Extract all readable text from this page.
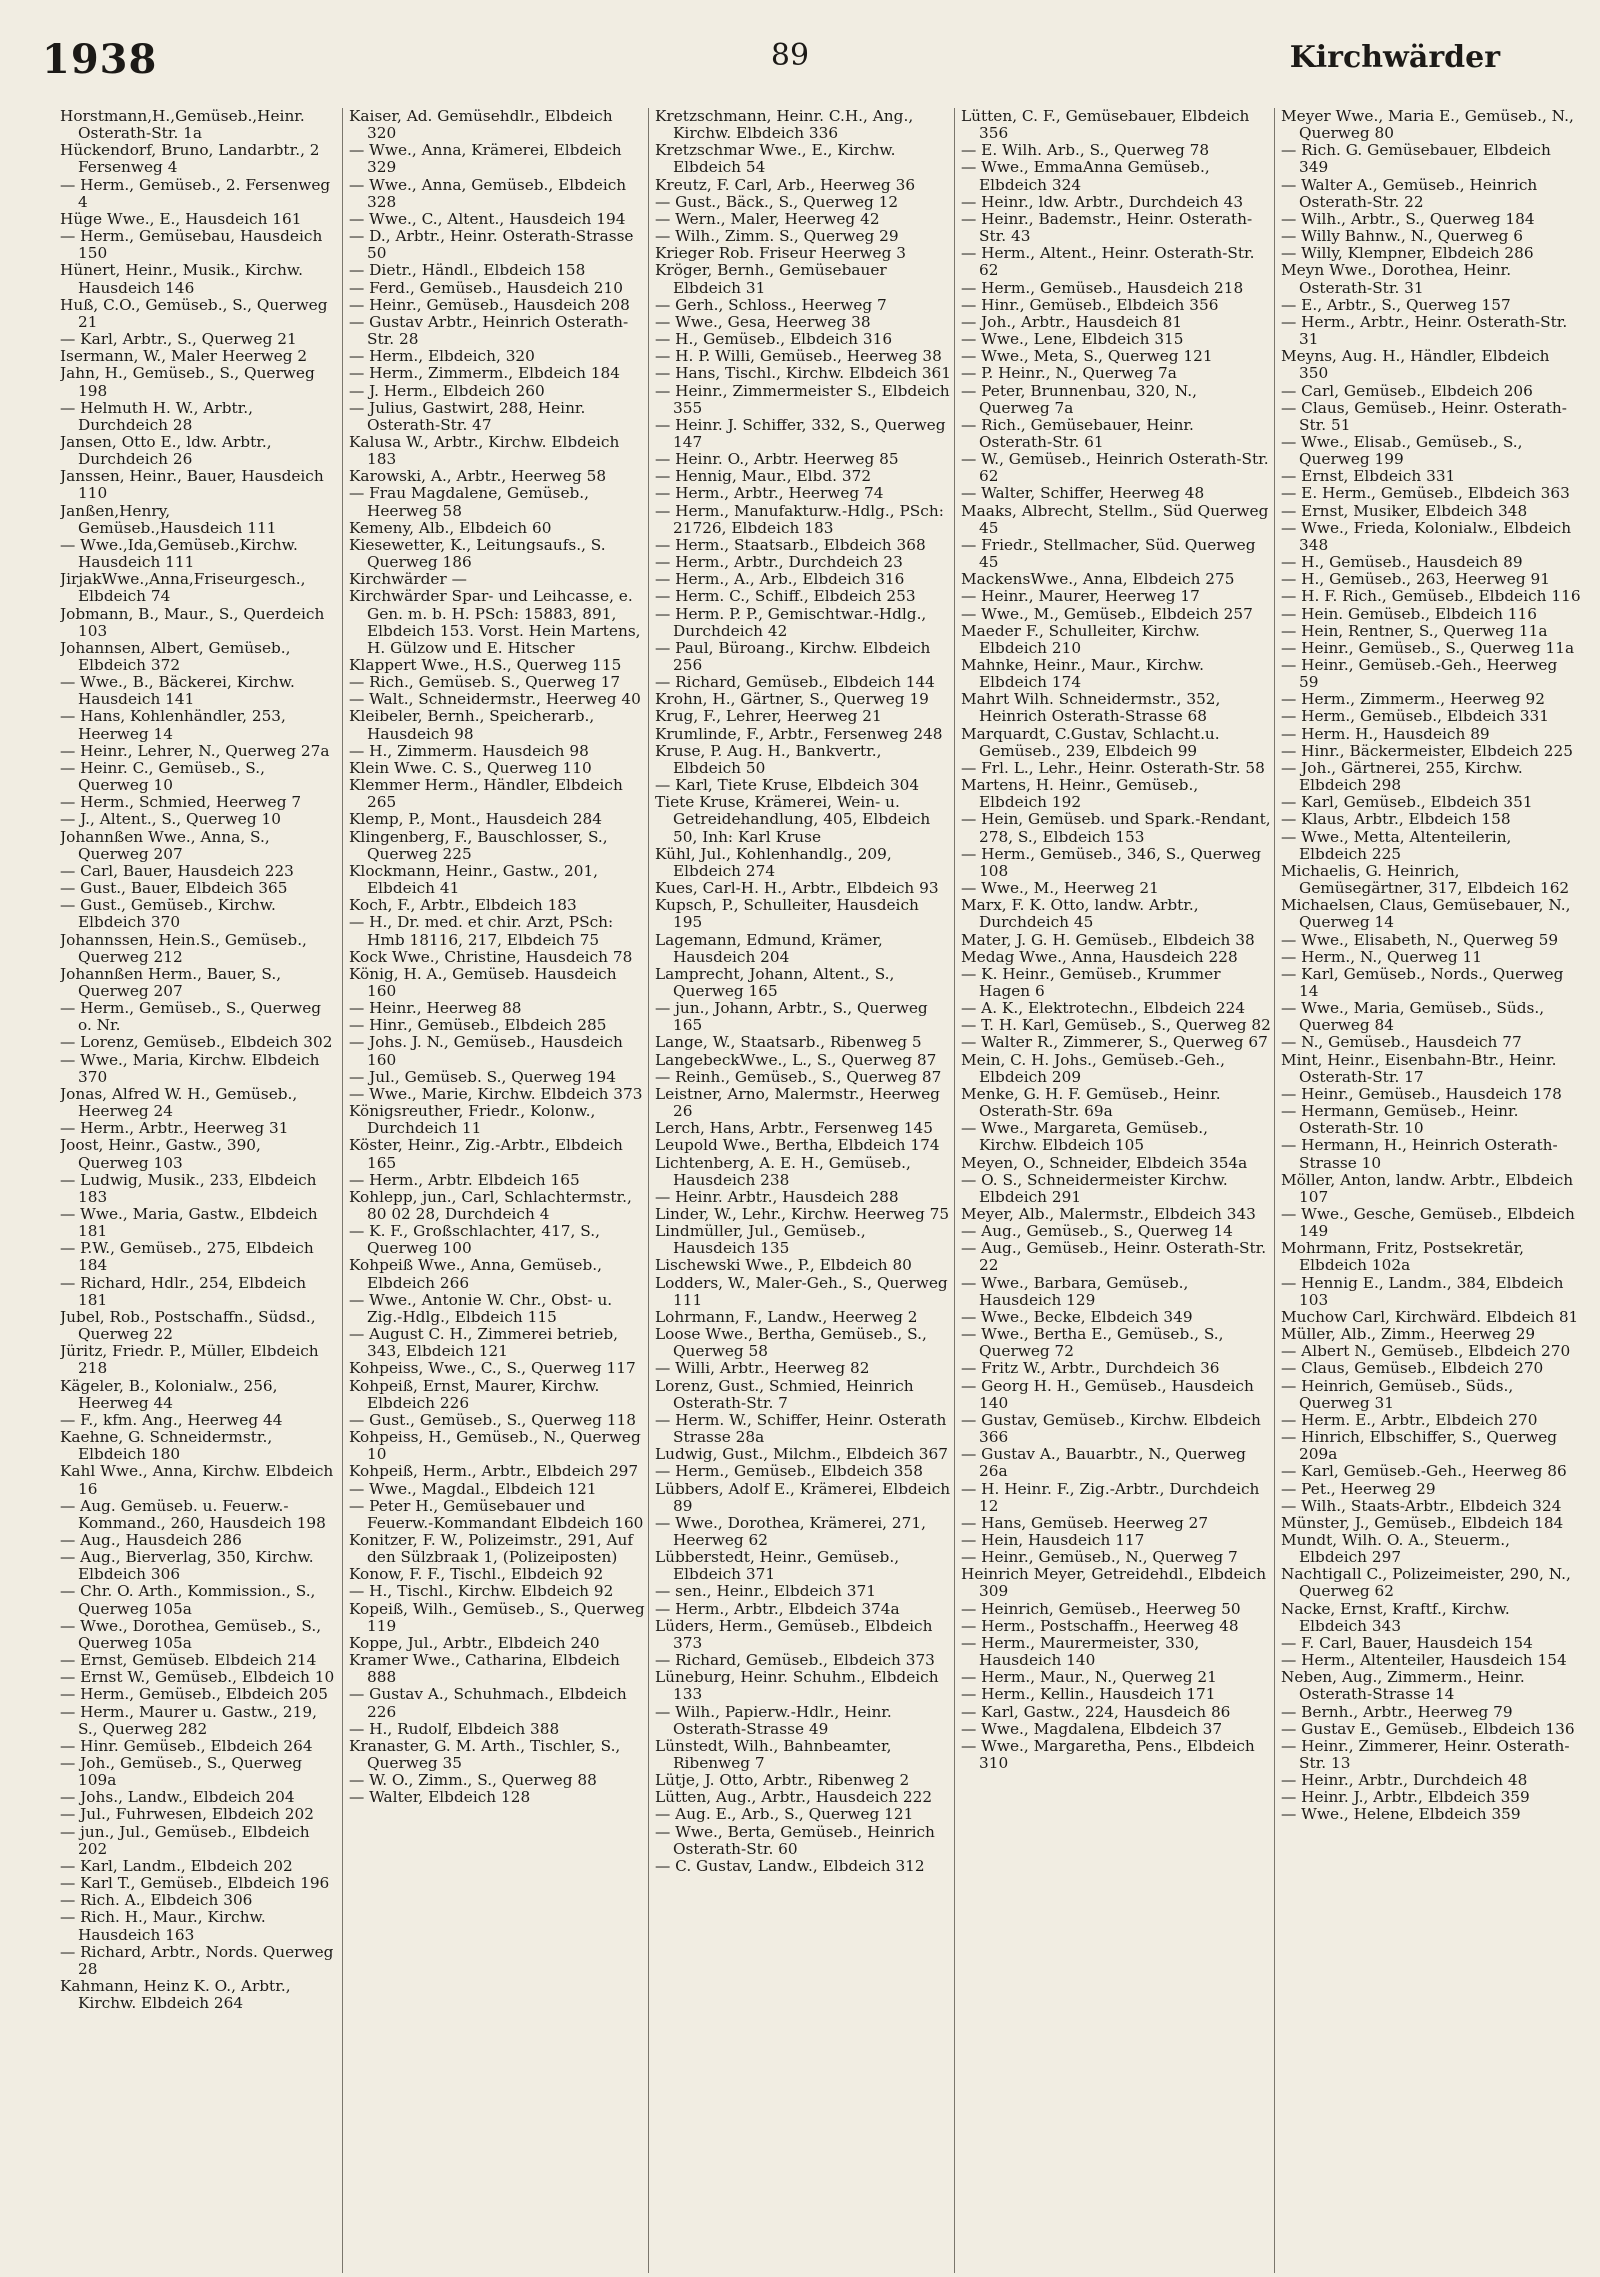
1938	89	Kirchwärder

Horstmann,H.,Gemüseb.,Heinr. Osterath-Str. 1a

Hückendorf, Bruno, Landarbtr., 2 Fersenweg 4

— Herm., Gemüseb., 2. Fersenweg 4

Hüge Wwe., E., Hausdeich 161

— Herm., Gemüsebau, Hausdeich 150

Hünert, Heinr., Musik., Kirchw. Hausdeich 146

Huß, C.O., Gemüseb., S., Querweg 21

— Karl, Arbtr., S., Querweg 21

Isermann, W., Maler Heerweg 2

Jahn, H., Gemüseb., S., Querweg 198

— Helmuth H. W., Arbtr., Durchdeich 28

Jansen, Otto E., ldw. Arbtr., Durchdeich 26

Janssen, Heinr., Bauer, Hausdeich 110

Janßen,Henry, Gemüseb.,Hausdeich 111

— Wwe.,Ida,Gemüseb.,Kirchw. Hausdeich 111

JirjakWwe.,Anna,Friseurgesch., Elbdeich 74

Jobmann, B., Maur., S., Querdeich 103

Johannsen, Albert, Gemüseb., Elbdeich 372

— Wwe., B., Bäckerei, Kirchw. Hausdeich 141

— Hans, Kohlenhändler, 253, Heerweg 14

— Heinr., Lehrer, N., Querweg 27a

— Heinr. C., Gemüseb., S., Querweg 10

— Herm., Schmied, Heerweg 7

— J., Altent., S., Querweg 10

Johannßen Wwe., Anna, S., Querweg 207

— Carl, Bauer, Hausdeich 223

— Gust., Bauer, Elbdeich 365

— Gust., Gemüseb., Kirchw. Elbdeich 370

Johannssen, Hein.S., Gemüseb., Querweg 212

Johannßen Herm., Bauer, S., Querweg 207

— Herm., Gemüseb., S., Querweg o. Nr.

— Lorenz, Gemüseb., Elbdeich 302

— Wwe., Maria, Kirchw. Elbdeich 370

Jonas, Alfred W. H., Gemüseb., Heerweg 24

— Herm., Arbtr., Heerweg 31

Joost, Heinr., Gastw., 390, Querweg 103

— Ludwig, Musik., 233, Elbdeich 183

— Wwe., Maria, Gastw., Elbdeich 181

— P.W., Gemüseb., 275, Elbdeich 184

— Richard, Hdlr., 254, Elbdeich 181

Jubel, Rob., Postschaffn., Südsd., Querweg 22

Jüritz, Friedr. P., Müller, Elbdeich 218

Kägeler, B., Kolonialw., 256, Heerweg 44

— F., kfm. Ang., Heerweg 44

Kaehne, G. Schneidermstr., Elbdeich 180

Kahl Wwe., Anna, Kirchw. Elbdeich 16

— Aug. Gemüseb. u. Feuerw.-Kommand., 260, Hausdeich 198

— Aug., Hausdeich 286

— Aug., Bierverlag, 350, Kirchw. Elbdeich 306

— Chr. O. Arth., Kommission., S., Querweg 105a

— Wwe., Dorothea, Gemüseb., S., Querweg 105a

— Ernst, Gemüseb. Elbdeich 214

— Ernst W., Gemüseb., Elbdeich 10

— Herm., Gemüseb., Elbdeich 205

— Herm., Maurer u. Gastw., 219, S., Querweg 282

— Hinr. Gemüseb., Elbdeich 264

— Joh., Gemüseb., S., Querweg 109a

— Johs., Landw., Elbdeich 204

— Jul., Fuhrwesen, Elbdeich 202

— jun., Jul., Gemüseb., Elbdeich 202

— Karl, Landm., Elbdeich 202

— Karl T., Gemüseb., Elbdeich 196

— Rich. A., Elbdeich 306

— Rich. H., Maur., Kirchw. Hausdeich 163

— Richard, Arbtr., Nords. Querweg 28

Kahmann, Heinz K. O., Arbtr., Kirchw. Elbdeich 264

Kaiser, Ad. Gemüsehdlr., Elbdeich 320

— Wwe., Anna, Krämerei, Elbdeich 329

— Wwe., Anna, Gemüseb., Elbdeich 328

— Wwe., C., Altent., Hausdeich 194

— D., Arbtr., Heinr. Osterath-Strasse 50

— Dietr., Händl., Elbdeich 158

— Ferd., Gemüseb., Hausdeich 210

— Heinr., Gemüseb., Hausdeich 208

— Gustav Arbtr., Heinrich Osterath-Str. 28

— Herm., Elbdeich, 320

— Herm., Zimmerm., Elbdeich 184

— J. Herm., Elbdeich 260

— Julius, Gastwirt, 288, Heinr. Osterath-Str. 47

Kalusa W., Arbtr., Kirchw. Elbdeich 183

Karowski, A., Arbtr., Heerweg 58

— Frau Magdalene, Gemüseb., Heerweg 58

Kemeny, Alb., Elbdeich 60

Kiesewetter, K., Leitungsaufs., S. Querweg 186

Kirchwärder —

Kirchwärder Spar- und Leihcasse, e. Gen. m. b. H. PSch: 15883, 891, Elbdeich 153. Vorst. Hein Martens, H. Gülzow und E. Hitscher

Klappert Wwe., H.S., Querweg 115

— Rich., Gemüseb. S., Querweg 17

— Walt., Schneidermstr., Heerweg 40

Kleibeler, Bernh., Speicherarb., Hausdeich 98

— H., Zimmerm. Hausdeich 98

Klein Wwe. C. S., Querweg 110

Klemmer Herm., Händler, Elbdeich 265

Klemp, P., Mont., Hausdeich 284

Klingenberg, F., Bauschlosser, S., Querweg 225

Klockmann, Heinr., Gastw., 201, Elbdeich 41

Koch, F., Arbtr., Elbdeich 183

— H., Dr. med. et chir. Arzt, PSch: Hmb 18116, 217, Elbdeich 75

Kock Wwe., Christine, Hausdeich 78

König, H. A., Gemüseb. Hausdeich 160

— Heinr., Heerweg 88

— Hinr., Gemüseb., Elbdeich 285

— Johs. J. N., Gemüseb., Hausdeich 160

— Jul., Gemüseb. S., Querweg 194

— Wwe., Marie, Kirchw. Elbdeich 373

Königsreuther, Friedr., Kolonw., Durchdeich 11

Köster, Heinr., Zig.-Arbtr., Elbdeich 165

— Herm., Arbtr. Elbdeich 165

Kohlepp, jun., Carl, Schlachtermstr., 80 02 28, Durchdeich 4

— K. F., Großschlachter, 417, S., Querweg 100

Kohpeiß Wwe., Anna, Gemüseb., Elbdeich 266

— Wwe., Antonie W. Chr., Obst- u. Zig.-Hdlg., Elbdeich 115

— August C. H., Zimmerei betrieb, 343, Elbdeich 121

Kohpeiss, Wwe., C., S., Querweg 117

Kohpeiß, Ernst, Maurer, Kirchw. Elbdeich 226

— Gust., Gemüseb., S., Querweg 118

Kohpeiss, H., Gemüseb., N., Querweg 10

Kohpeiß, Herm., Arbtr., Elbdeich 297

— Wwe., Magdal., Elbdeich 121

— Peter H., Gemüsebauer und Feuerw.-Kommandant Elbdeich 160

Konitzer, F. W., Polizeimstr., 291, Auf den Sülzbraak 1, (Polizeiposten)

Konow, F. F., Tischl., Elbdeich 92

— H., Tischl., Kirchw. Elbdeich 92

Kopeiß, Wilh., Gemüseb., S., Querweg 119

Koppe, Jul., Arbtr., Elbdeich 240

Kramer Wwe., Catharina, Elbdeich 888

— Gustav A., Schuhmach., Elbdeich 226

— H., Rudolf, Elbdeich 388

Kranaster, G. M. Arth., Tischler, S., Querweg 35

— W. O., Zimm., S., Querweg 88

— Walter, Elbdeich 128

Kretzschmann, Heinr. C.H., Ang., Kirchw. Elbdeich 336

Kretzschmar Wwe., E., Kirchw. Elbdeich 54

Kreutz, F. Carl, Arb., Heerweg 36

— Gust., Bäck., S., Querweg 12

— Wern., Maler, Heerweg 42

— Wilh., Zimm. S., Querweg 29

Krieger Rob. Friseur Heerweg 3

Kröger, Bernh., Gemüsebauer Elbdeich 31

— Gerh., Schloss., Heerweg 7

— Wwe., Gesa, Heerweg 38

— H., Gemüseb., Elbdeich 316

— H. P. Willi, Gemüseb., Heerweg 38

— Hans, Tischl., Kirchw. Elbdeich 361

— Heinr., Zimmermeister S., Elbdeich 355

— Heinr. J. Schiffer, 332, S., Querweg 147

— Heinr. O., Arbtr. Heerweg 85

— Hennig, Maur., Elbd. 372

— Herm., Arbtr., Heerweg 74

— Herm., Manufakturw.-Hdlg., PSch: 21726, Elbdeich 183

— Herm., Staatsarb., Elbdeich 368

— Herm., Arbtr., Durchdeich 23

— Herm., A., Arb., Elbdeich 316

— Herm. C., Schiff., Elbdeich 253

— Herm. P. P., Gemischtwar.-Hdlg., Durchdeich 42

— Paul, Büroang., Kirchw. Elbdeich 256

— Richard, Gemüseb., Elbdeich 144

Krohn, H., Gärtner, S., Querweg 19

Krug, F., Lehrer, Heerweg 21

Krumlinde, F., Arbtr., Fersenweg 248

Kruse, P. Aug. H., Bankvertr., Elbdeich 50

— Karl, Tiete Kruse, Elbdeich 304

Tiete Kruse, Krämerei, Wein- u. Getreidehandlung, 405, Elbdeich 50, Inh: Karl Kruse

Kühl, Jul., Kohlenhandlg., 209, Elbdeich 274

Kues, Carl-H. H., Arbtr., Elbdeich 93

Kupsch, P., Schulleiter, Hausdeich 195

Lagemann, Edmund, Krämer, Hausdeich 204

Lamprecht, Johann, Altent., S., Querweg 165

— jun., Johann, Arbtr., S., Querweg 165

Lange, W., Staatsarb., Ribenweg 5

LangebeckWwe., L., S., Querweg 87

— Reinh., Gemüseb., S., Querweg 87

Leistner, Arno, Malermstr., Heerweg 26

Lerch, Hans, Arbtr., Fersenweg 145

Leupold Wwe., Bertha, Elbdeich 174

Lichtenberg, A. E. H., Gemüseb., Hausdeich 238

— Heinr. Arbtr., Hausdeich 288

Linder, W., Lehr., Kirchw. Heerweg 75

Lindmüller, Jul., Gemüseb., Hausdeich 135

Lischewski Wwe., P., Elbdeich 80

Lodders, W., Maler-Geh., S., Querweg 111

Lohrmann, F., Landw., Heerweg 2

Loose Wwe., Bertha, Gemüseb., S., Querweg 58

— Willi, Arbtr., Heerweg 82

Lorenz, Gust., Schmied, Heinrich Osterath-Str. 7

— Herm. W., Schiffer, Heinr. Osterath Strasse 28a

Ludwig, Gust., Milchm., Elbdeich 367

— Herm., Gemüseb., Elbdeich 358

Lübbers, Adolf E., Krämerei, Elbdeich 89

— Wwe., Dorothea, Krämerei, 271, Heerweg 62

Lübberstedt, Heinr., Gemüseb., Elbdeich 371

— sen., Heinr., Elbdeich 371

— Herm., Arbtr., Elbdeich 374a

Lüders, Herm., Gemüseb., Elbdeich 373

— Richard, Gemüseb., Elbdeich 373

Lüneburg, Heinr. Schuhm., Elbdeich 133

— Wilh., Papierw.-Hdlr., Heinr. Osterath-Strasse 49

Lünstedt, Wilh., Bahnbeamter, Ribenweg 7

Lütje, J. Otto, Arbtr., Ribenweg 2

Lütten, Aug., Arbtr., Hausdeich 222

— Aug. E., Arb., S., Querweg 121

— Wwe., Berta, Gemüseb., Heinrich Osterath-Str. 60

— C. Gustav, Landw., Elbdeich 312

Lütten, C. F., Gemüsebauer, Elbdeich 356

— E. Wilh. Arb., S., Querweg 78

— Wwe., EmmaAnna Gemüseb., Elbdeich 324

— Heinr., ldw. Arbtr., Durchdeich 43

— Heinr., Bademstr., Heinr. Osterath-Str. 43

— Herm., Altent., Heinr. Osterath-Str. 62

— Herm., Gemüseb., Hausdeich 218

— Hinr., Gemüseb., Elbdeich 356

— Joh., Arbtr., Hausdeich 81

— Wwe., Lene, Elbdeich 315

— Wwe., Meta, S., Querweg 121

— P. Heinr., N., Querweg 7a

— Peter, Brunnenbau, 320, N., Querweg 7a

— Rich., Gemüsebauer, Heinr. Osterath-Str. 61

— W., Gemüseb., Heinrich Osterath-Str. 62

— Walter, Schiffer, Heerweg 48

Maaks, Albrecht, Stellm., Süd Querweg 45

— Friedr., Stellmacher, Süd. Querweg 45

MackensWwe., Anna, Elbdeich 275

— Heinr., Maurer, Heerweg 17

— Wwe., M., Gemüseb., Elbdeich 257

Maeder F., Schulleiter, Kirchw. Elbdeich 210

Mahnke, Heinr., Maur., Kirchw. Elbdeich 174

Mahrt Wilh. Schneidermstr., 352, Heinrich Osterath-Strasse 68

Marquardt, C.Gustav, Schlacht.u. Gemüseb., 239, Elbdeich 99

— Frl. L., Lehr., Heinr. Osterath-Str. 58

Martens, H. Heinr., Gemüseb., Elbdeich 192

— Hein, Gemüseb. und Spark.-Rendant, 278, S., Elbdeich 153

— Herm., Gemüseb., 346, S., Querweg 108

— Wwe., M., Heerweg 21

Marx, F. K. Otto, landw. Arbtr., Durchdeich 45

Mater, J. G. H. Gemüseb., Elbdeich 38

Medag Wwe., Anna, Hausdeich 228

— K. Heinr., Gemüseb., Krummer Hagen 6

— A. K., Elektrotechn., Elbdeich 224

— T. H. Karl, Gemüseb., S., Querweg 82

— Walter R., Zimmerer, S., Querweg 67

Mein, C. H. Johs., Gemüseb.-Geh., Elbdeich 209

Menke, G. H. F. Gemüseb., Heinr. Osterath-Str. 69a

— Wwe., Margareta, Gemüseb., Kirchw. Elbdeich 105

Meyen, O., Schneider, Elbdeich 354a

— O. S., Schneidermeister Kirchw. Elbdeich 291

Meyer, Alb., Malermstr., Elbdeich 343

— Aug., Gemüseb., S., Querweg 14

— Aug., Gemüseb., Heinr. Osterath-Str. 22

— Wwe., Barbara, Gemüseb., Hausdeich 129

— Wwe., Becke, Elbdeich 349

— Wwe., Bertha E., Gemüseb., S., Querweg 72

— Fritz W., Arbtr., Durchdeich 36

— Georg H. H., Gemüseb., Hausdeich 140

— Gustav, Gemüseb., Kirchw. Elbdeich 366

— Gustav A., Bauarbtr., N., Querweg 26a

— H. Heinr. F., Zig.-Arbtr., Durchdeich 12

— Hans, Gemüseb. Heerweg 27

— Hein, Hausdeich 117

— Heinr., Gemüseb., N., Querweg 7

Heinrich Meyer, Getreidehdl., Elbdeich 309

— Heinrich, Gemüseb., Heerweg 50

— Herm., Postschaffn., Heerweg 48

— Herm., Maurermeister, 330, Hausdeich 140

— Herm., Maur., N., Querweg 21

— Herm., Kellin., Hausdeich 171

— Karl, Gastw., 224, Hausdeich 86

— Wwe., Magdalena, Elbdeich 37

— Wwe., Margaretha, Pens., Elbdeich 310

Meyer Wwe., Maria E., Gemüseb., N., Querweg 80

— Rich. G. Gemüsebauer, Elbdeich 349

— Walter A., Gemüseb., Heinrich Osterath-Str. 22

— Wilh., Arbtr., S., Querweg 184

— Willy Bahnw., N., Querweg 6

— Willy, Klempner, Elbdeich 286

Meyn Wwe., Dorothea, Heinr. Osterath-Str. 31

— E., Arbtr., S., Querweg 157

— Herm., Arbtr., Heinr. Osterath-Str. 31

Meyns, Aug. H., Händler, Elbdeich 350

— Carl, Gemüseb., Elbdeich 206

— Claus, Gemüseb., Heinr. Osterath-Str. 51

— Wwe., Elisab., Gemüseb., S., Querweg 199

— Ernst, Elbdeich 331

— E. Herm., Gemüseb., Elbdeich 363

— Ernst, Musiker, Elbdeich 348

— Wwe., Frieda, Kolonialw., Elbdeich 348

— H., Gemüseb., Hausdeich 89

— H., Gemüseb., 263, Heerweg 91

— H. F. Rich., Gemüseb., Elbdeich 116

— Hein. Gemüseb., Elbdeich 116

— Hein, Rentner, S., Querweg 11a

— Heinr., Gemüseb., S., Querweg 11a

— Heinr., Gemüseb.-Geh., Heerweg 59

— Herm., Zimmerm., Heerweg 92

— Herm., Gemüseb., Elbdeich 331

— Herm. H., Hausdeich 89

— Hinr., Bäckermeister, Elbdeich 225

— Joh., Gärtnerei, 255, Kirchw. Elbdeich 298

— Karl, Gemüseb., Elbdeich 351

— Klaus, Arbtr., Elbdeich 158

— Wwe., Metta, Altenteilerin, Elbdeich 225

Michaelis, G. Heinrich, Gemüsegärtner, 317, Elbdeich 162

Michaelsen, Claus, Gemüsebauer, N., Querweg 14

— Wwe., Elisabeth, N., Querweg 59

— Herm., N., Querweg 11

— Karl, Gemüseb., Nords., Querweg 14

— Wwe., Maria, Gemüseb., Süds., Querweg 84

— N., Gemüseb., Hausdeich 77

Mint, Heinr., Eisenbahn-Btr., Heinr. Osterath-Str. 17

— Heinr., Gemüseb., Hausdeich 178

— Hermann, Gemüseb., Heinr. Osterath-Str. 10

— Hermann, H., Heinrich Osterath-Strasse 10

Möller, Anton, landw. Arbtr., Elbdeich 107

— Wwe., Gesche, Gemüseb., Elbdeich 149

Mohrmann, Fritz, Postsekretär, Elbdeich 102a

— Hennig E., Landm., 384, Elbdeich 103

Muchow Carl, Kirchwärd. Elbdeich 81

Müller, Alb., Zimm., Heerweg 29

— Albert N., Gemüseb., Elbdeich 270

— Claus, Gemüseb., Elbdeich 270

— Heinrich, Gemüseb., Süds., Querweg 31

— Herm. E., Arbtr., Elbdeich 270

— Hinrich, Elbschiffer, S., Querweg 209a

— Karl, Gemüseb.-Geh., Heerweg 86

— Pet., Heerweg 29

— Wilh., Staats-Arbtr., Elbdeich 324

Münster, J., Gemüseb., Elbdeich 184

Mundt, Wilh. O. A., Steuerm., Elbdeich 297

Nachtigall C., Polizeimeister, 290, N., Querweg 62

Nacke, Ernst, Kraftf., Kirchw. Elbdeich 343

— F. Carl, Bauer, Hausdeich 154

— Herm., Altenteiler, Hausdeich 154

Neben, Aug., Zimmerm., Heinr. Osterath-Strasse 14

— Bernh., Arbtr., Heerweg 79

— Gustav E., Gemüseb., Elbdeich 136

— Heinr., Zimmerer, Heinr. Osterath-Str. 13

— Heinr., Arbtr., Durchdeich 48

— Heinr. J., Arbtr., Elbdeich 359

— Wwe., Helene, Elbdeich 359
